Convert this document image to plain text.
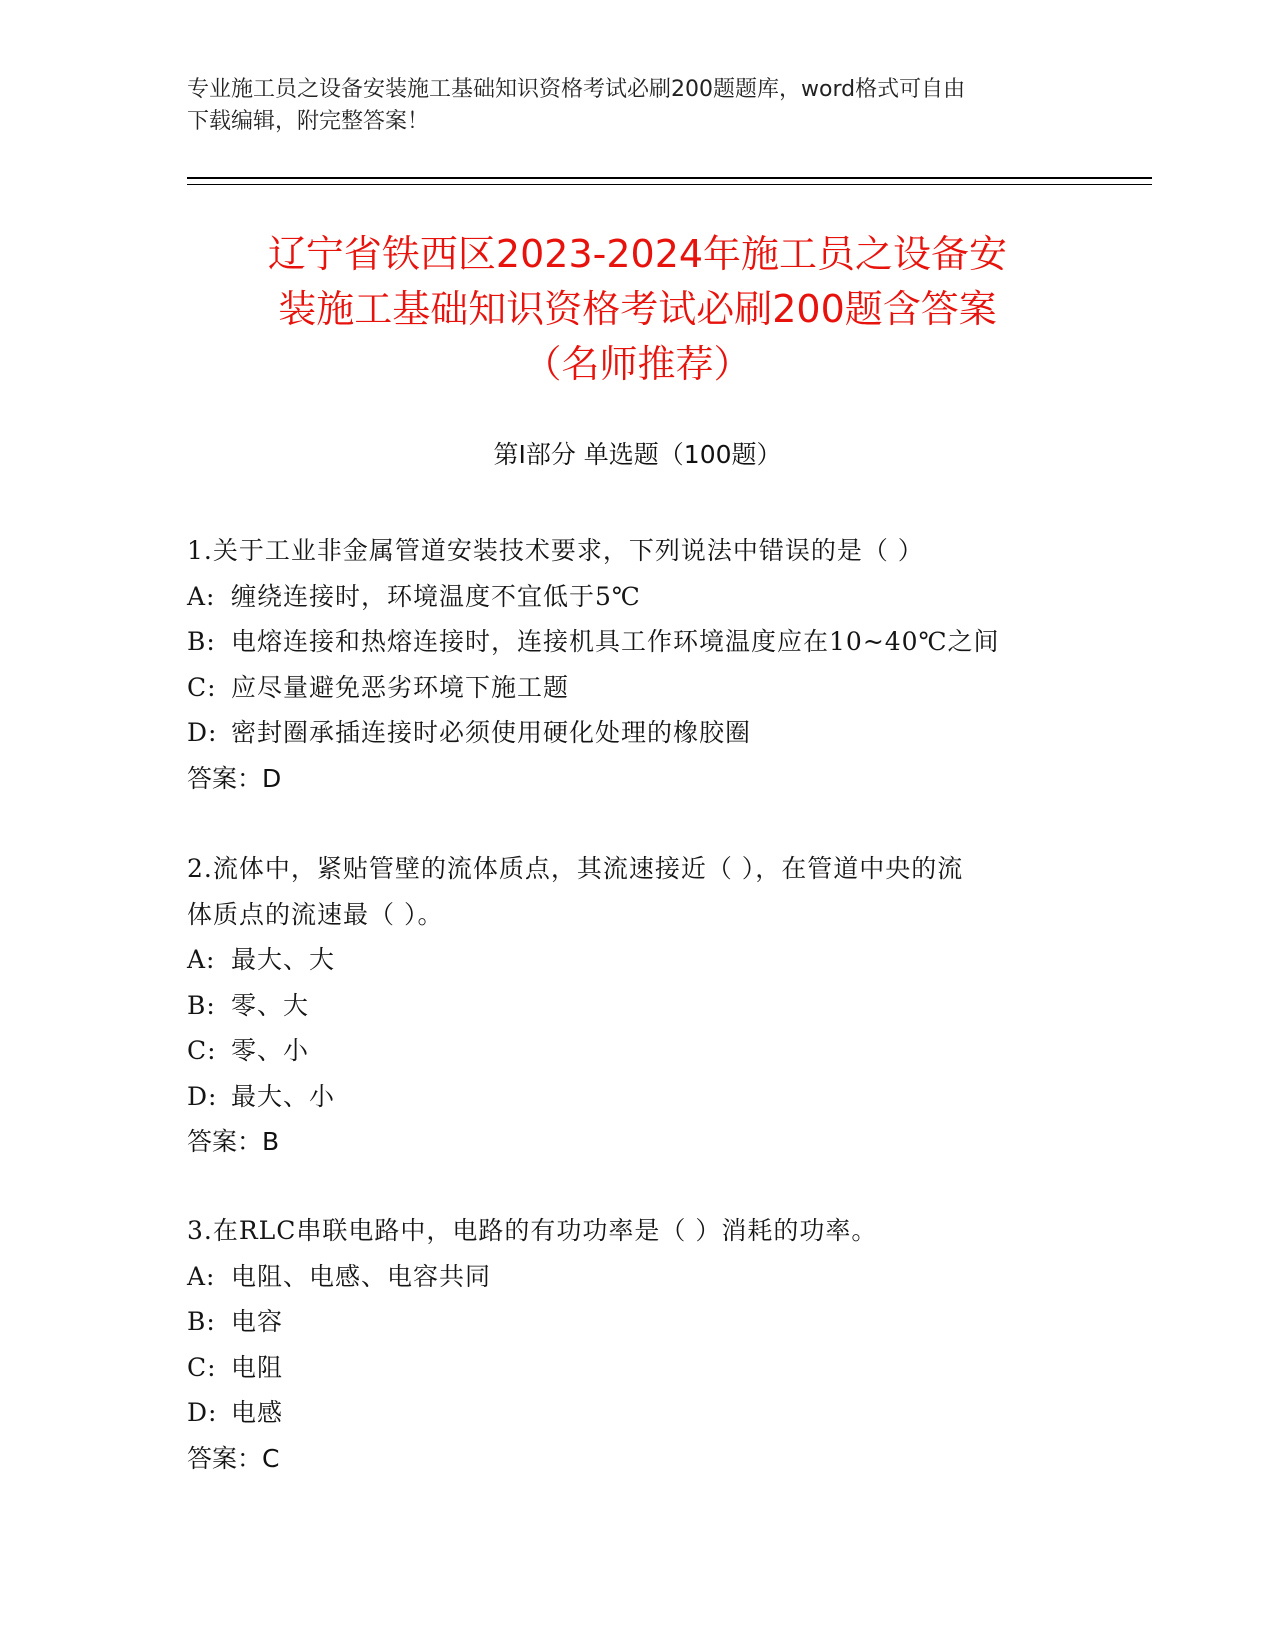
专业施工员之设备安装施工基础知识资格考试必刷200题题库，word格式可自由
下载编辑，附完整答案！
辽宁省铁西区2023-2024年施工员之设备安
装施工基础知识资格考试必刷200题含答案
（名师推荐）
第Ⅰ部分 单选题（100题）
1.关于工业非金属管道安装技术要求，下列说法中错误的是（ ）
A: 缠绕连接时，环境温度不宜低于5℃
B: 电熔连接和热熔连接时，连接机具工作环境温度应在10~40℃之间
C: 应尽量避免恶劣环境下施工题
D: 密封圈承插连接时必须使用硬化处理的橡胶圈
答案：D
2.流体中，紧贴管壁的流体质点，其流速接近（ ），在管道中央的流
体质点的流速最（ ）。
A: 最大、大
B: 零、大
C: 零、小
D: 最大、小
答案：B
3.在RLC串联电路中，电路的有功功率是（ ）消耗的功率。
A: 电阻、电感、电容共同
B: 电容
C: 电阻
D: 电感
答案：C
